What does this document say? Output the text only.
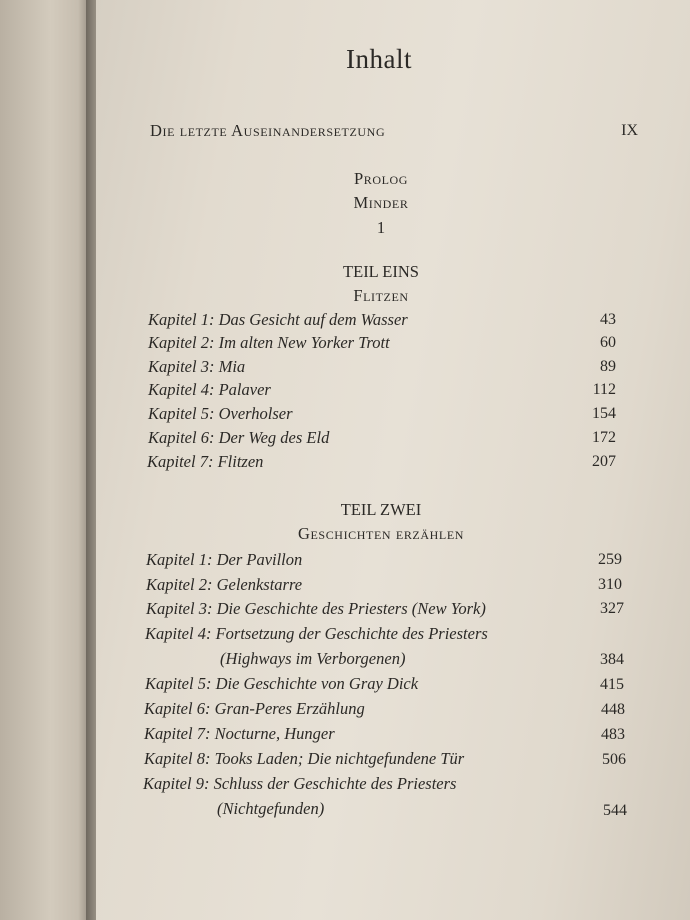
Inhalt
Die letzte Auseinandersetzung	IX
Prolog
Minder
1
TEIL EINS
Flitzen
Kapitel 1: Das Gesicht auf dem Wasser	43
Kapitel 2: Im alten New Yorker Trott	60
Kapitel 3: Mia	89
Kapitel 4: Palaver	112
Kapitel 5: Overholser	154
Kapitel 6: Der Weg des Eld	172
Kapitel 7: Flitzen	207
TEIL ZWEI
Geschichten erzählen
Kapitel 1: Der Pavillon	259
Kapitel 2: Gelenkstarre	310
Kapitel 3: Die Geschichte des Priesters (New York)	327
Kapitel 4: Fortsetzung der Geschichte des Priesters
(Highways im Verborgenen)	384
Kapitel 5: Die Geschichte von Gray Dick	415
Kapitel 6: Gran-Peres Erzählung	448
Kapitel 7: Nocturne, Hunger	483
Kapitel 8: Tooks Laden; Die nichtgefundene Tür	506
Kapitel 9: Schluss der Geschichte des Priesters
(Nichtgefunden)	544
